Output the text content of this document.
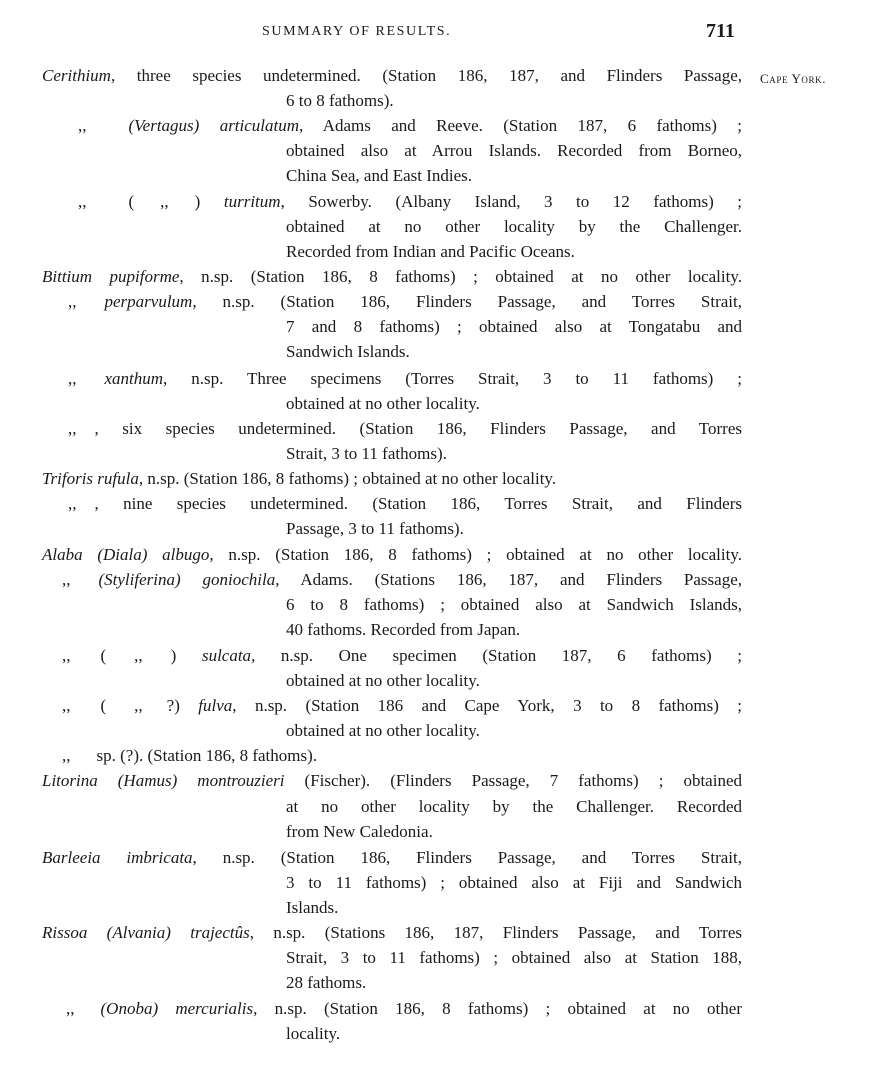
SUMMARY OF RESULTS.	711
Cape York.
Cerithium, three species undetermined. (Station 186, 187, and Flinders Passage,
6 to 8 fathoms).
,, (Vertagus) articulatum, Adams and Reeve. (Station 187, 6 fathoms) ;
obtained also at Arrou Islands. Recorded from Borneo,
China Sea, and East Indies.
,, ( ,, ) turritum, Sowerby. (Albany Island, 3 to 12 fathoms) ;
obtained at no other locality by the Challenger.
Recorded from Indian and Pacific Oceans.
Bittium pupiforme, n.sp. (Station 186, 8 fathoms) ; obtained at no other locality.
,, perparvulum, n.sp. (Station 186, Flinders Passage, and Torres Strait,
7 and 8 fathoms) ; obtained also at Tongatabu and
Sandwich Islands.
,, xanthum, n.sp. Three specimens (Torres Strait, 3 to 11 fathoms) ;
obtained at no other locality.
,, , six species undetermined. (Station 186, Flinders Passage, and Torres
Strait, 3 to 11 fathoms).
Triforis rufula, n.sp. (Station 186, 8 fathoms) ; obtained at no other locality.
,, , nine species undetermined. (Station 186, Torres Strait, and Flinders
Passage, 3 to 11 fathoms).
Alaba (Diala) albugo, n.sp. (Station 186, 8 fathoms) ; obtained at no other locality.
,, (Styliferina) goniochila, Adams. (Stations 186, 187, and Flinders Passage,
6 to 8 fathoms) ; obtained also at Sandwich Islands,
40 fathoms. Recorded from Japan.
,, ( ,, ) sulcata, n.sp. One specimen (Station 187, 6 fathoms) ;
obtained at no other locality.
,, ( ,, ?) fulva, n.sp. (Station 186 and Cape York, 3 to 8 fathoms) ;
obtained at no other locality.
,, sp. (?). (Station 186, 8 fathoms).
Litorina (Hamus) montrouzieri (Fischer). (Flinders Passage, 7 fathoms) ; obtained
at no other locality by the Challenger. Recorded
from New Caledonia.
Barleeia imbricata, n.sp. (Station 186, Flinders Passage, and Torres Strait,
3 to 11 fathoms) ; obtained also at Fiji and Sandwich
Islands.
Rissoa (Alvania) trajectûs, n.sp. (Stations 186, 187, Flinders Passage, and Torres
Strait, 3 to 11 fathoms) ; obtained also at Station 188,
28 fathoms.
,, (Onoba) mercurialis, n.sp. (Station 186, 8 fathoms) ; obtained at no other
locality.
